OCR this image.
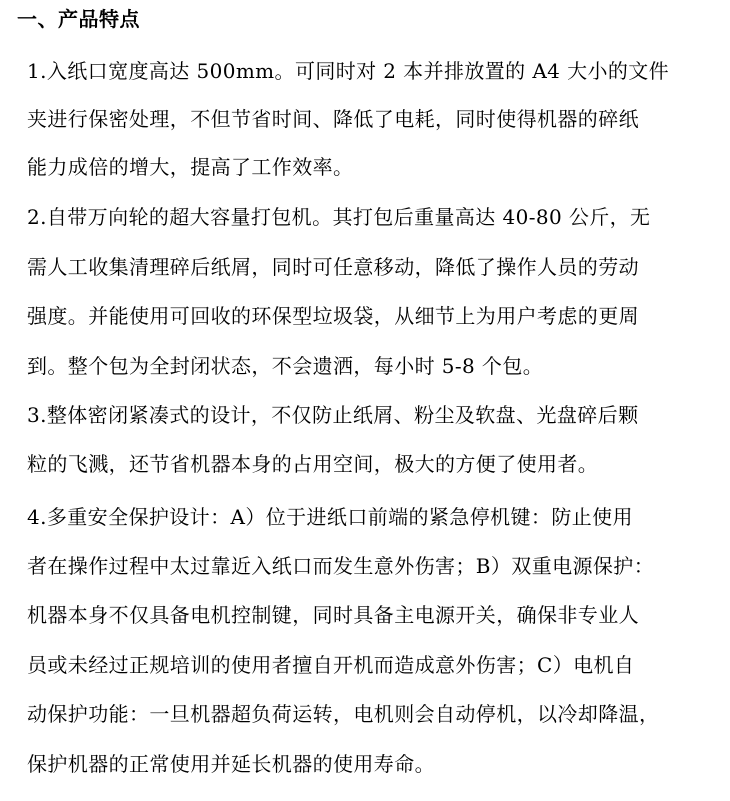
一、产品特点
1.入纸口宽度高达 500mm。可同时对 2 本并排放置的 A4 大小的文件
夹进行保密处理，不但节省时间、降低了电耗，同时使得机器的碎纸
能力成倍的增大，提高了工作效率。
2.自带万向轮的超大容量打包机。其打包后重量高达 40-80 公斤，无
需人工收集清理碎后纸屑，同时可任意移动，降低了操作人员的劳动
强度。并能使用可回收的环保型垃圾袋，从细节上为用户考虑的更周
到。整个包为全封闭状态，不会遗洒，每小时 5-8 个包。
3.整体密闭紧凑式的设计，不仅防止纸屑、粉尘及软盘、光盘碎后颗
粒的飞溅，还节省机器本身的占用空间，极大的方便了使用者。
4.多重安全保护设计：A）位于进纸口前端的紧急停机键：防止使用
者在操作过程中太过靠近入纸口而发生意外伤害；B）双重电源保护：
机器本身不仅具备电机控制键，同时具备主电源开关，确保非专业人
员或未经过正规培训的使用者擅自开机而造成意外伤害；C）电机自
动保护功能：一旦机器超负荷运转，电机则会自动停机，以冷却降温，
保护机器的正常使用并延长机器的使用寿命。
